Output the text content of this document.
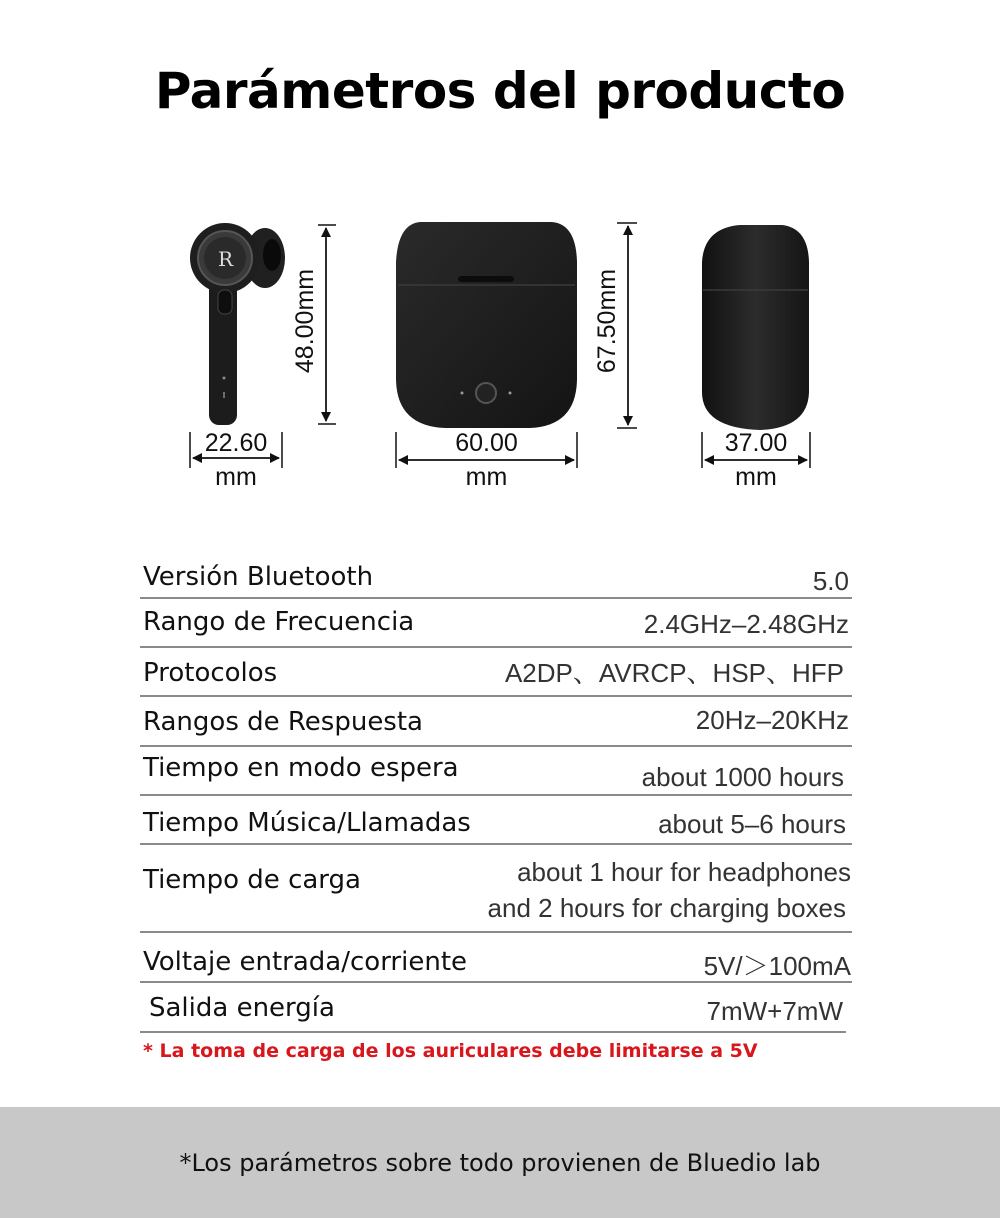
Parámetros del producto
R
48.00mm
22.60
mm
67.50mm
60.00
mm
37.00
mm
Versión Bluetooth	5.0
Rango de Frecuencia	2.4GHz–2.48GHz
Protocolos	A2DP、AVRCP、HSP、HFP
Rangos de Respuesta	20Hz–20KHz
Tiempo en modo espera	about 1000 hours
Tiempo Música/Llamadas	about 5–6 hours
Tiempo de carga	about 1 hour for headphones
and 2 hours for charging boxes
Voltaje entrada/corriente	5V/＞100mA
Salida energía	7mW+7mW
* La toma de carga de los auriculares debe limitarse a 5V
*Los parámetros sobre todo provienen de Bluedio lab
